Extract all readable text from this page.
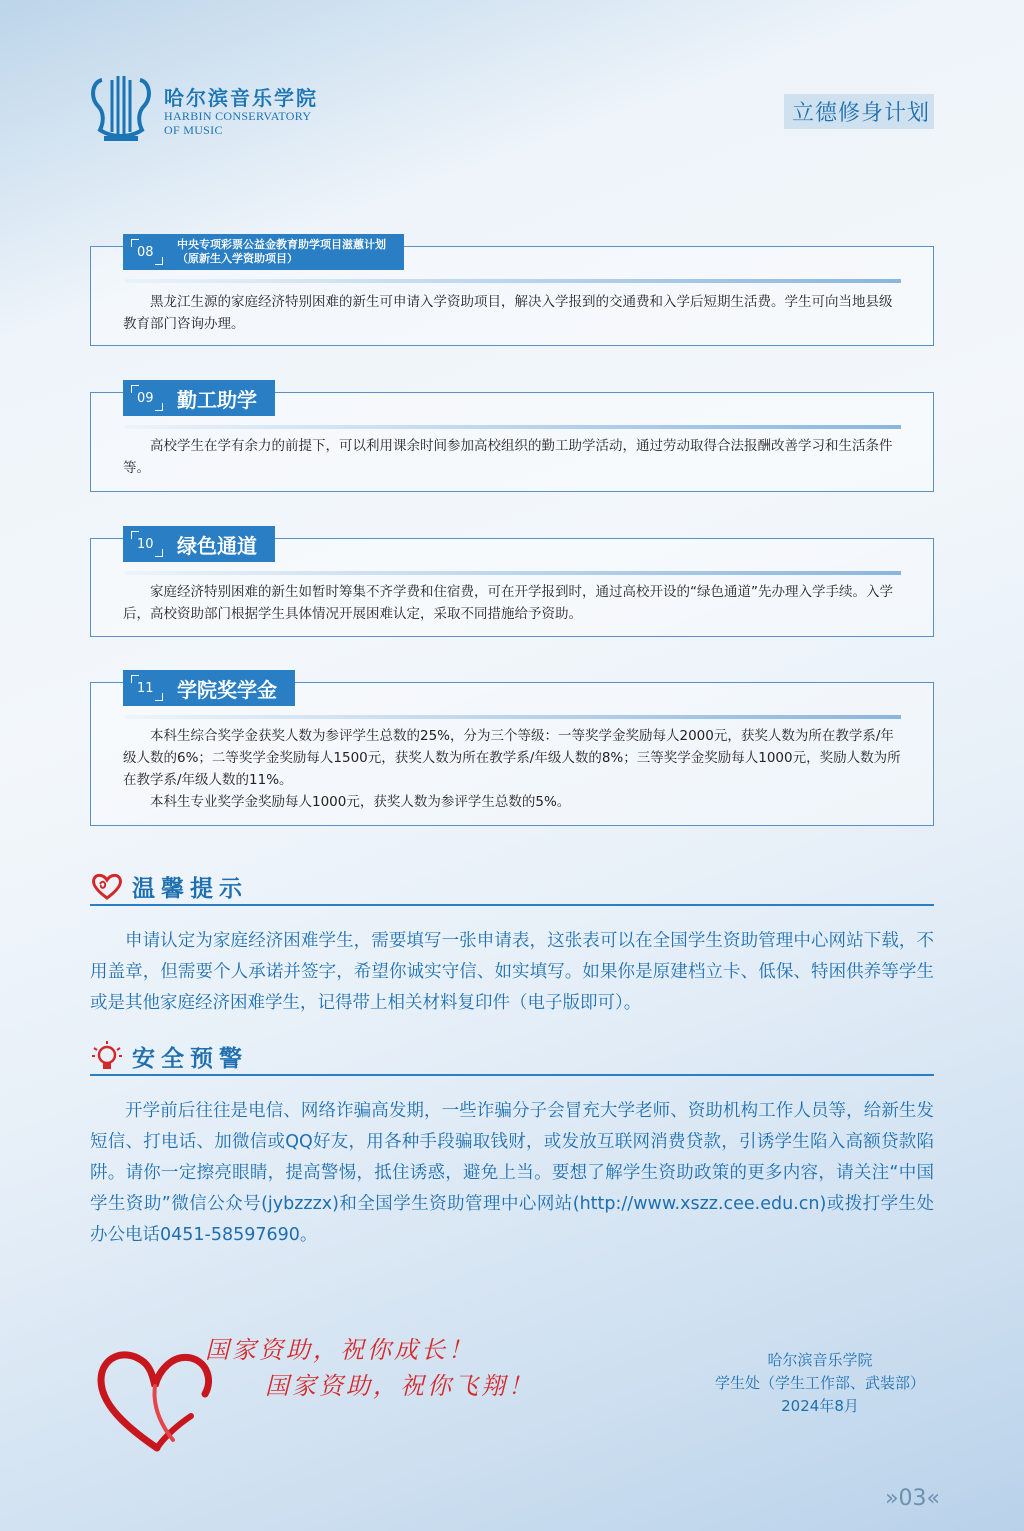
哈尔滨音乐学院
HARBIN CONSERVATORY
OF MUSIC
立德修身计划
08
中央专项彩票公益金教育助学项目滋蕙计划
（原新生入学资助项目）

黑龙江生源的家庭经济特别困难的新生可申请入学资助项目，解决入学报到的交通费和入学后短期生活费。学生可向当地县级教育部门咨询办理。

09 勤工助学

高校学生在学有余力的前提下，可以利用课余时间参加高校组织的勤工助学活动，通过劳动取得合法报酬改善学习和生活条件等。

10 绿色通道

家庭经济特别困难的新生如暂时筹集不齐学费和住宿费，可在开学报到时，通过高校开设的“绿色通道”先办理入学手续。入学后，高校资助部门根据学生具体情况开展困难认定，采取不同措施给予资助。

11 学院奖学金

本科生综合奖学金获奖人数为参评学生总数的25%，分为三个等级：一等奖学金奖励每人2000元，获奖人数为所在教学系/年级人数的6%；二等奖学金奖励每人1500元，获奖人数为所在教学系/年级人数的8%；三等奖学金奖励每人1000元，奖励人数为所在教学系/年级人数的11%。

本科生专业奖学金奖励每人1000元，获奖人数为参评学生总数的5%。

温馨提示

申请认定为家庭经济困难学生，需要填写一张申请表，这张表可以在全国学生资助管理中心网站下载，不用盖章，但需要个人承诺并签字，希望你诚实守信、如实填写。如果你是原建档立卡、低保、特困供养等学生或是其他家庭经济困难学生，记得带上相关材料复印件（电子版即可）。

安全预警

开学前后往往是电信、网络诈骗高发期，一些诈骗分子会冒充大学老师、资助机构工作人员等，给新生发短信、打电话、加微信或QQ好友，用各种手段骗取钱财，或发放互联网消费贷款，引诱学生陷入高额贷款陷阱。请你一定擦亮眼睛，提高警惕，抵住诱惑，避免上当。要想了解学生资助政策的更多内容，请关注“中国学生资助”微信公众号(jybzzzx)和全国学生资助管理中心网站(http://www.xszz.cee.edu.cn)或拨打学生处办公电话0451-58597690。

国家资助，祝你成长！
国家资助，祝你飞翔！
哈尔滨音乐学院
学生处（学生工作部、武装部）
2024年8月
»03«
